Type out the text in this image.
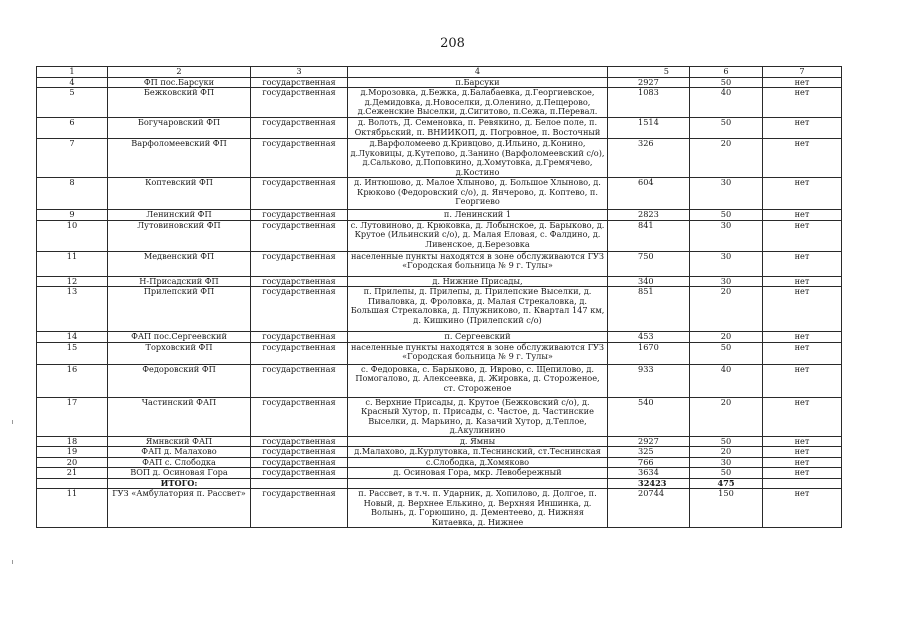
208
1	2	3	4	5	6	7
4	ФП пос.Барсуки	государственная	п.Барсуки	2927	50	нет
5	Бежковский ФП	государственная	д.Морозовка, д.Бежка, д.Балабаевка, д.Георгиевское, д.Демидовка, д.Новоселки, д.Оленино, д.Пещерово, д.Сеженские Выселки, д.Сигитово, п.Сежа, п.Перевал.	1083	40	нет
6	Богучаровский ФП	государственная	д. Волоть, Д. Семеновка, п. Ревякино, д. Белое поле, п. Октябрьский, п. ВНИИКОП, д. Погровное, п. Восточный	1514	50	нет
7	Варфоломеевский ФП	государственная	д.Варфоломеево д.Кривцово, д.Ильино, д.Конино, д.Луковицы, д.Кутепово, д.Занино (Варфоломеевский с/о), д.Сальково, д.Поповкино, д.Хомутовка, д.Гремячево, д.Костино	326	20	нет
8	Коптевский ФП	государственная	д. Интюшово, д. Малое Хлыново, д. Большое Хлыново, д. Крюково (Федоровский с/о), д. Янчерово, д. Коптево, п. Георгиево	604	30	нет
9	Ленинский ФП	государственная	п. Ленинский 1	2823	50	нет
10	Лутовиновский ФП	государственная	с. Лутовиново, д. Крюковка, д. Лобынское, д. Барыково, д. Крутое (Ильинский с/о), д. Малая Еловая, с. Фалдино, д. Ливенское, д.Березовка	841	30	нет
11	Медвенский ФП	государственная	населенные пункты находятся в зоне обслуживаются ГУЗ «Городская больница № 9 г. Тулы»	750	30	нет
12	Н-Присадский ФП	государственная	д. Нижние Присады,	340	30	нет
13	Прилепский ФП	государственная	п. Прилепы, д. Прилепы, д. Прилепские Выселки, д. Пиваловка, д. Фроловка, д. Малая Стрекаловка, д. Большая Стрекаловка, д. Плужниково, п. Квартал 147 км, д. Кишкино (Прилепский с/о)	851	20	нет
14	ФАП пос.Сергеевский	государственная	п. Сергеевский	453	20	нет
15	Торховский ФП	государственная	населенные пункты находятся в зоне обслуживаются ГУЗ «Городская больница № 9 г. Тулы»	1670	50	нет
16	Федоровский ФП	государственная	с. Федоровка, с. Барыково, д. Иврово, с. Щепилово, д. Помогалово, д. Алексеевка, д. Жировка, д. Стороженое, ст. Стороженое	933	40	нет
17	Частинский ФАП	государственная	с. Верхние Присады, д. Крутое (Бежковский с/о), д. Красный Хутор, п. Присады, с. Частое, д. Частинские Выселки, д. Марьино, д. Казачий Хутор, д.Теплое, д.Акулинино	540	20	нет
18	Ямнвский ФАП	государственная	д. Ямны	2927	50	нет
19	ФАП д. Малахово	государственная	д.Малахово, д.Курлутовка, п.Теснинский, ст.Теснинская	325	20	нет
20	ФАП с. Слободка	государственная	с.Слободка, д.Хомяково	766	30	нет
21	ВОП д. Осиновая Гора	государственная	д. Осиновая Гора, мкр. Левобережный	3634	50	нет
	ИТОГО:			32423	475	
11	ГУЗ «Амбулатория п. Рассвет»	государственная	п. Рассвет, в т.ч. п. Ударник, д. Хопилово, д. Долгое, п. Новый, д. Верхнее Елькино, д. Верхняя Иншинка, д. Волынь, д. Горюшино, д. Дементеево, д. Нижняя Китаевка, д. Нижнее	20744	150	нет
